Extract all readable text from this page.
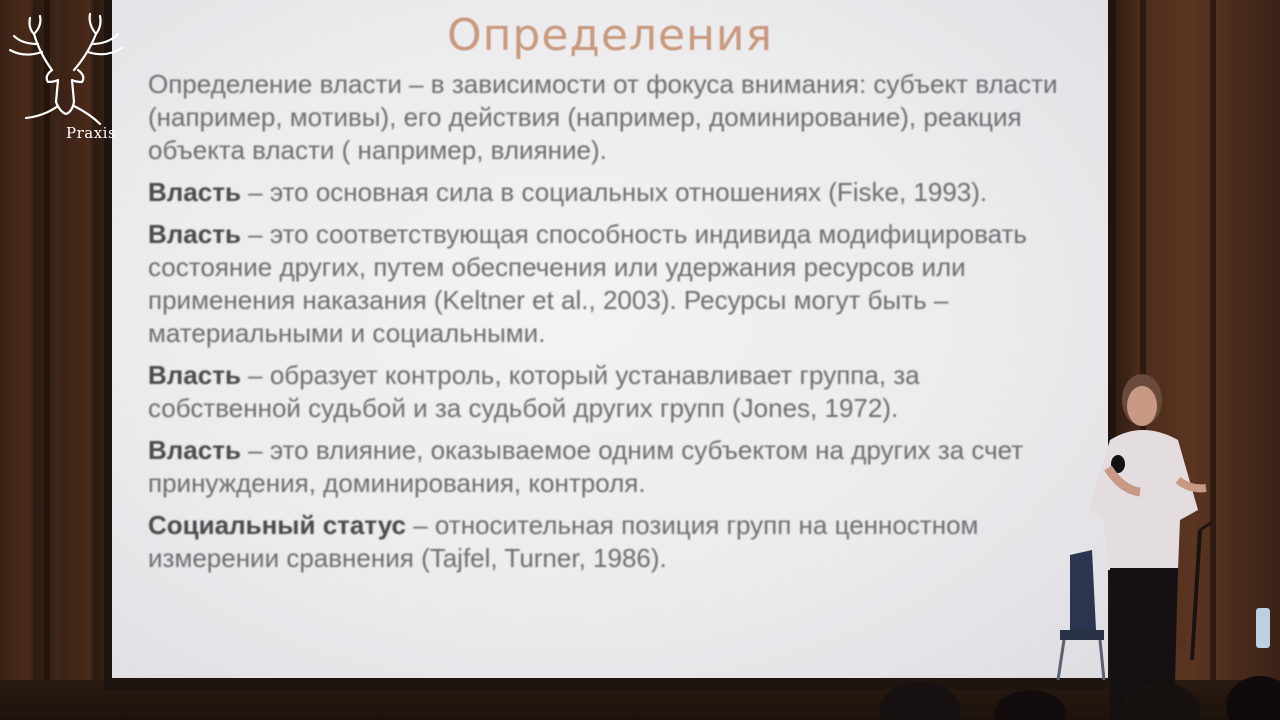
Определения

Определение власти – в зависимости от фокуса внимания: субъект власти (например, мотивы), его действия (например, доминирование), реакция объекта власти ( например, влияние).

Власть – это основная сила в социальных отношениях (Fiske, 1993).

Власть – это соответствующая способность индивида модифицировать состояние других, путем обеспечения или удержания ресурсов или применения наказания (Keltner et al., 2003). Ресурсы могут быть – материальными и социальными.

Власть – образует контроль, который устанавливает группа, за собственной судьбой и за судьбой других групп (Jones, 1972).

Власть – это влияние, оказываемое одним субъектом на других за счет принуждения, доминирования, контроля.

Социальный статус – относительная позиция групп на ценностном измерении сравнения (Tajfel, Turner, 1986).

Praxis
